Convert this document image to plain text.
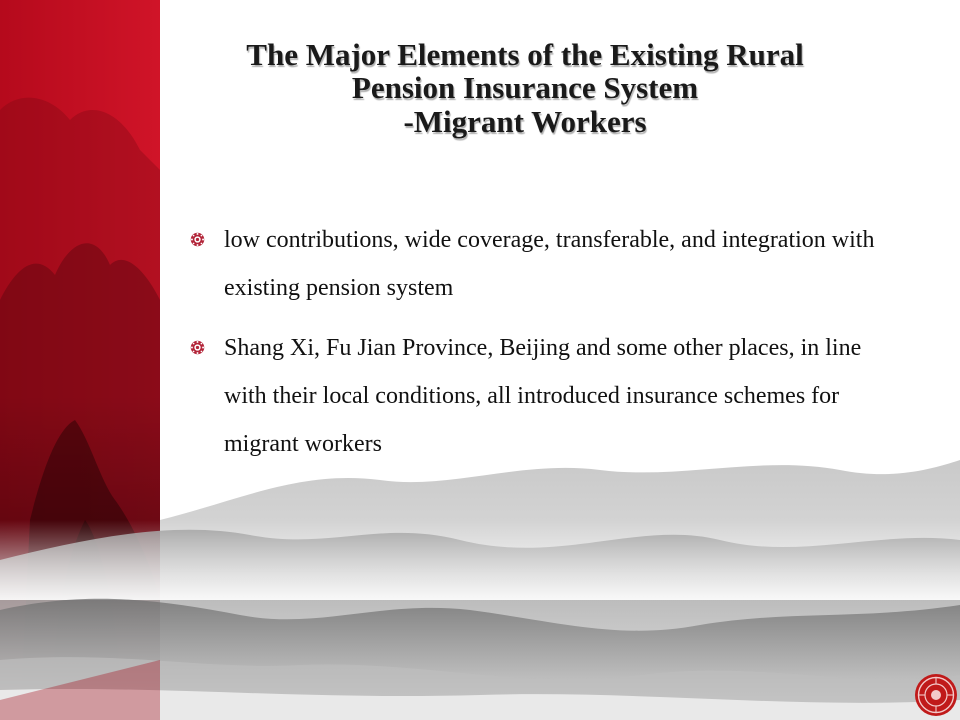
The Major Elements of the Existing Rural
Pension Insurance System
-Migrant Workers
low contributions, wide coverage, transferable, and integration with existing pension system
Shang Xi, Fu Jian Province, Beijing and some other places, in line with their local conditions, all introduced insurance schemes for migrant workers
